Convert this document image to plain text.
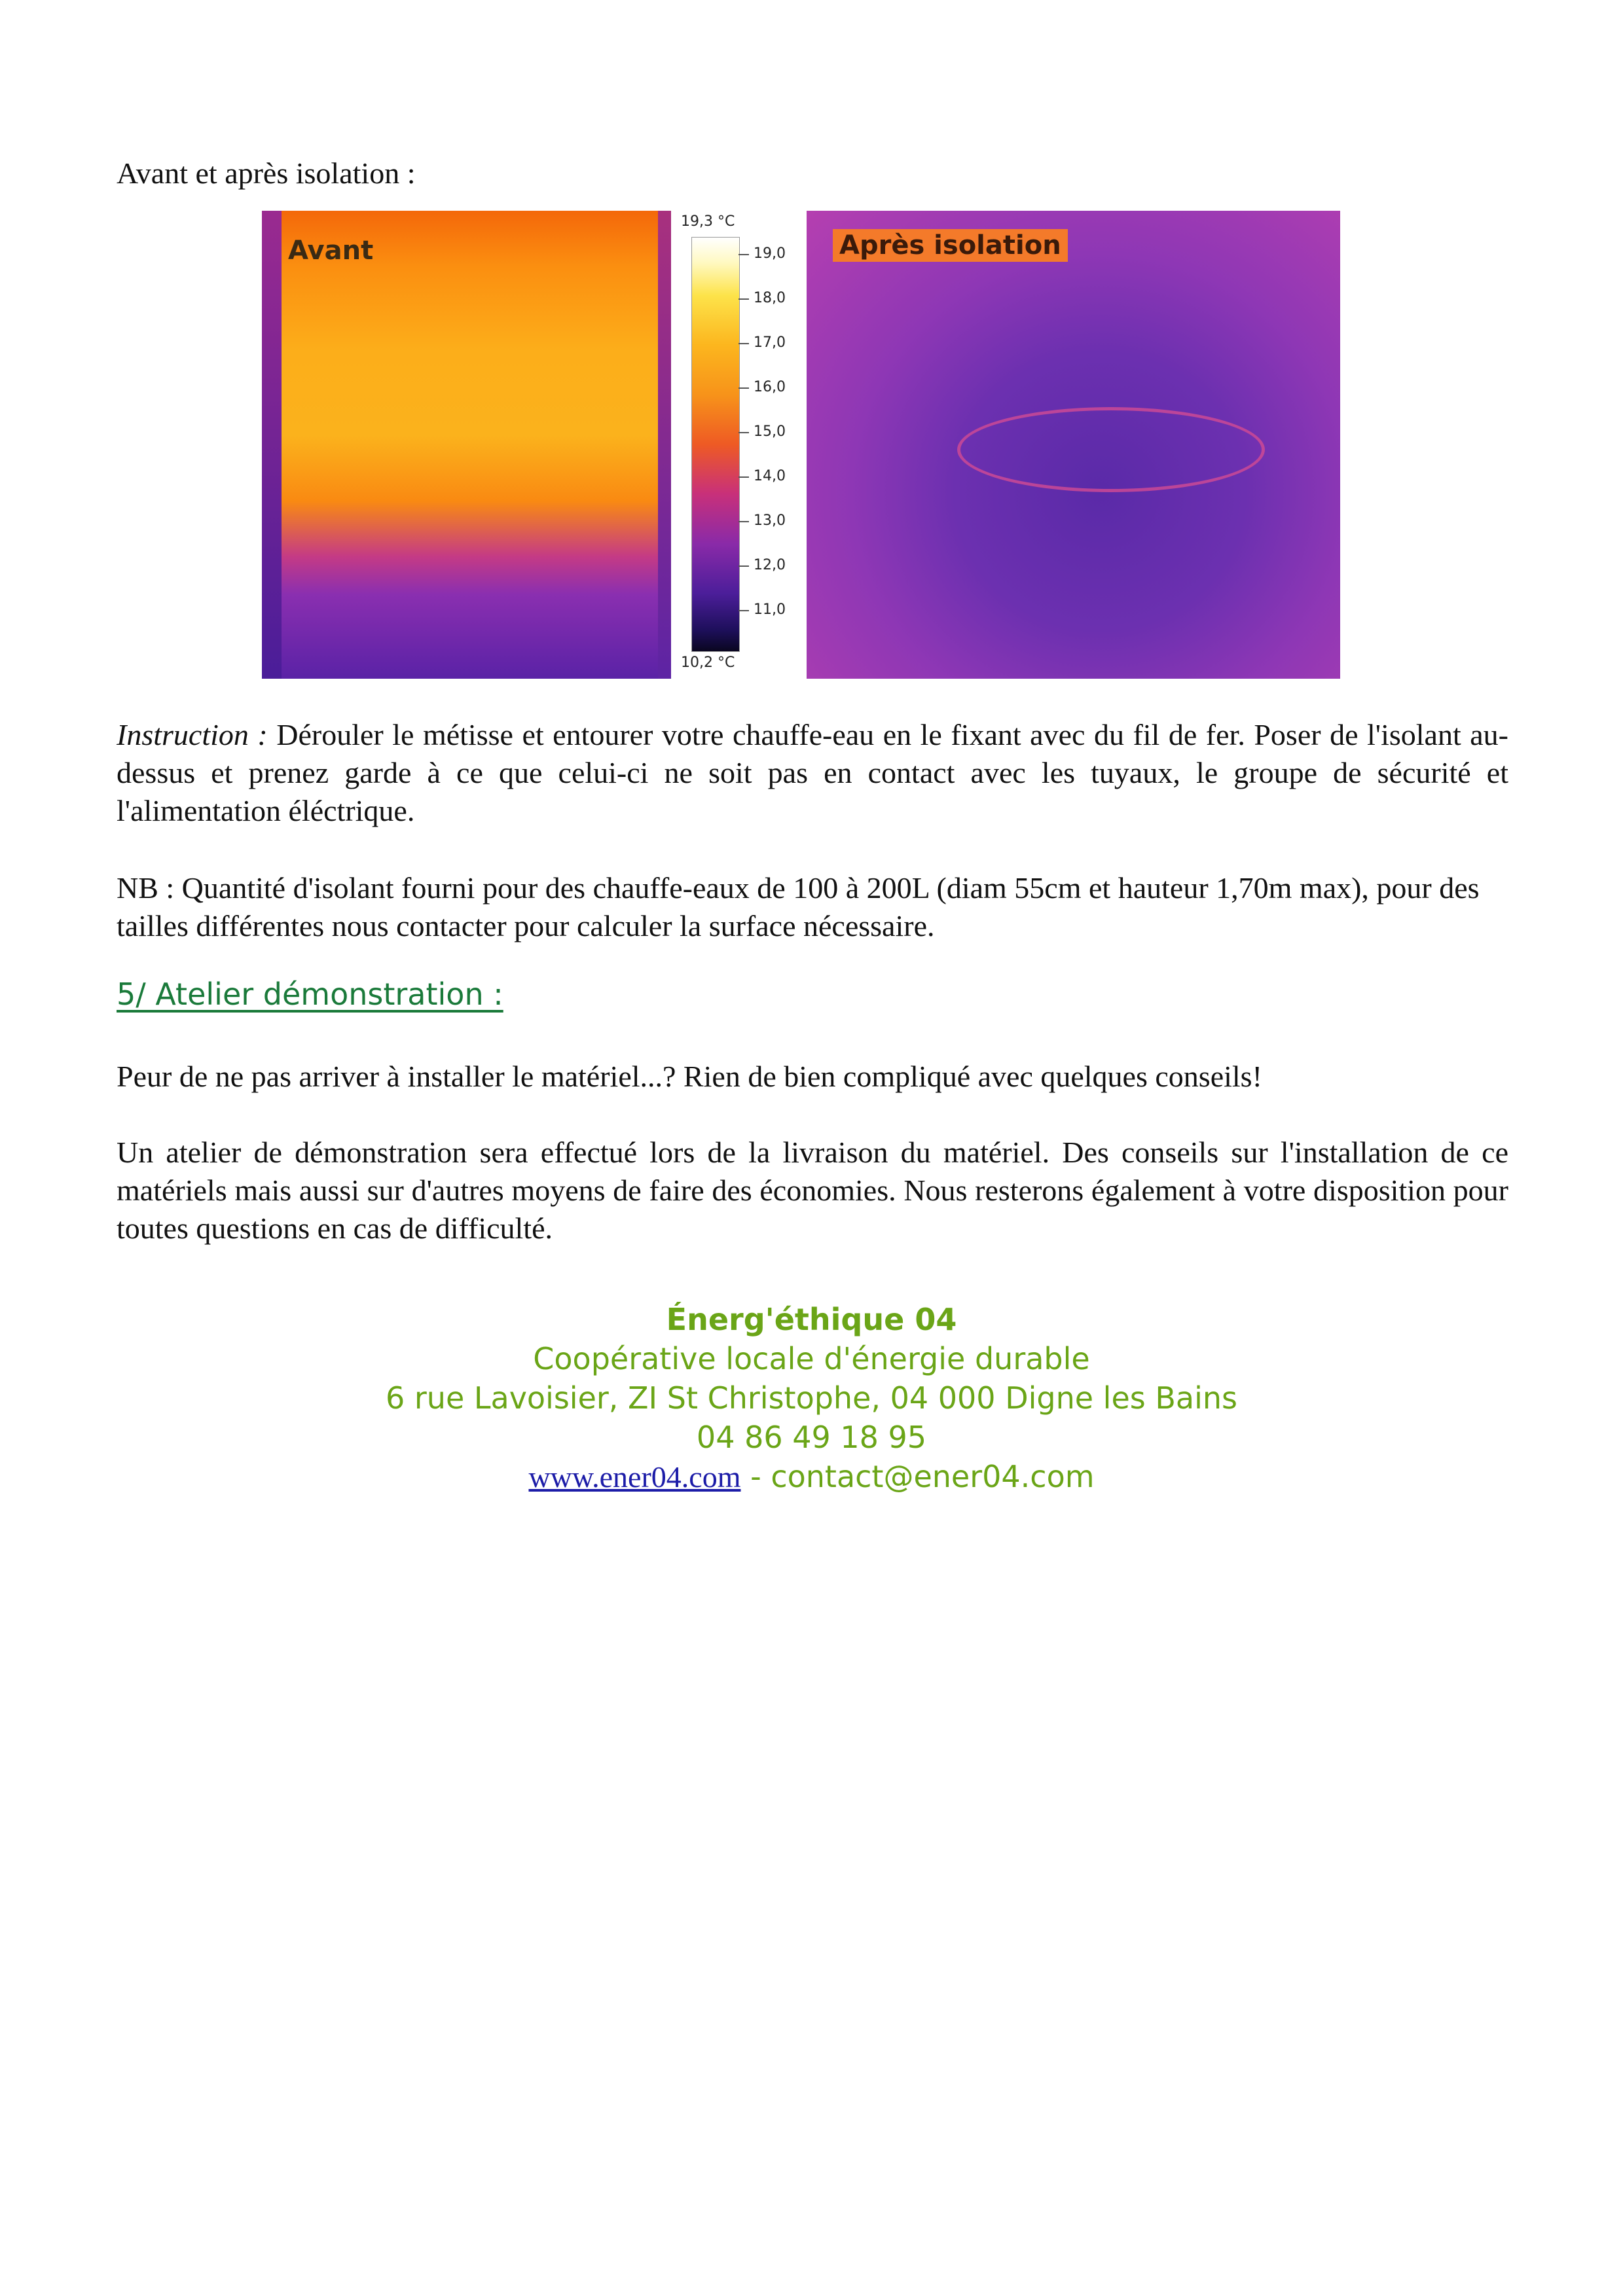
Avant et après isolation :

Avant
19,3 °C
19,0
18,0
17,0
16,0
15,0
14,0
13,0
12,0
11,0
10,2 °C
Après isolation

Instruction : Dérouler le métisse et entourer votre chauffe-eau en le fixant avec du fil de fer. Poser de l'isolant au-dessus et prenez garde à ce que celui-ci ne soit pas en contact avec les tuyaux, le groupe de sécurité et l'alimentation éléctrique.

NB : Quantité d'isolant fourni pour des chauffe-eaux de 100 à 200L (diam 55cm et hauteur 1,70m max), pour des tailles différentes nous contacter pour calculer la surface nécessaire.

5/ Atelier démonstration :

Peur de ne pas arriver à installer le matériel...? Rien de bien compliqué avec quelques conseils!

Un atelier de démonstration sera effectué lors de la livraison du matériel. Des conseils sur l'installation de ce matériels mais aussi sur d'autres moyens de faire des économies. Nous resterons également à votre disposition pour toutes questions en cas de difficulté.

Énerg'éthique 04
Coopérative locale d'énergie durable
6 rue Lavoisier, ZI St Christophe, 04 000 Digne les Bains
04 86 49 18 95
www.ener04.com - contact@ener04.com
